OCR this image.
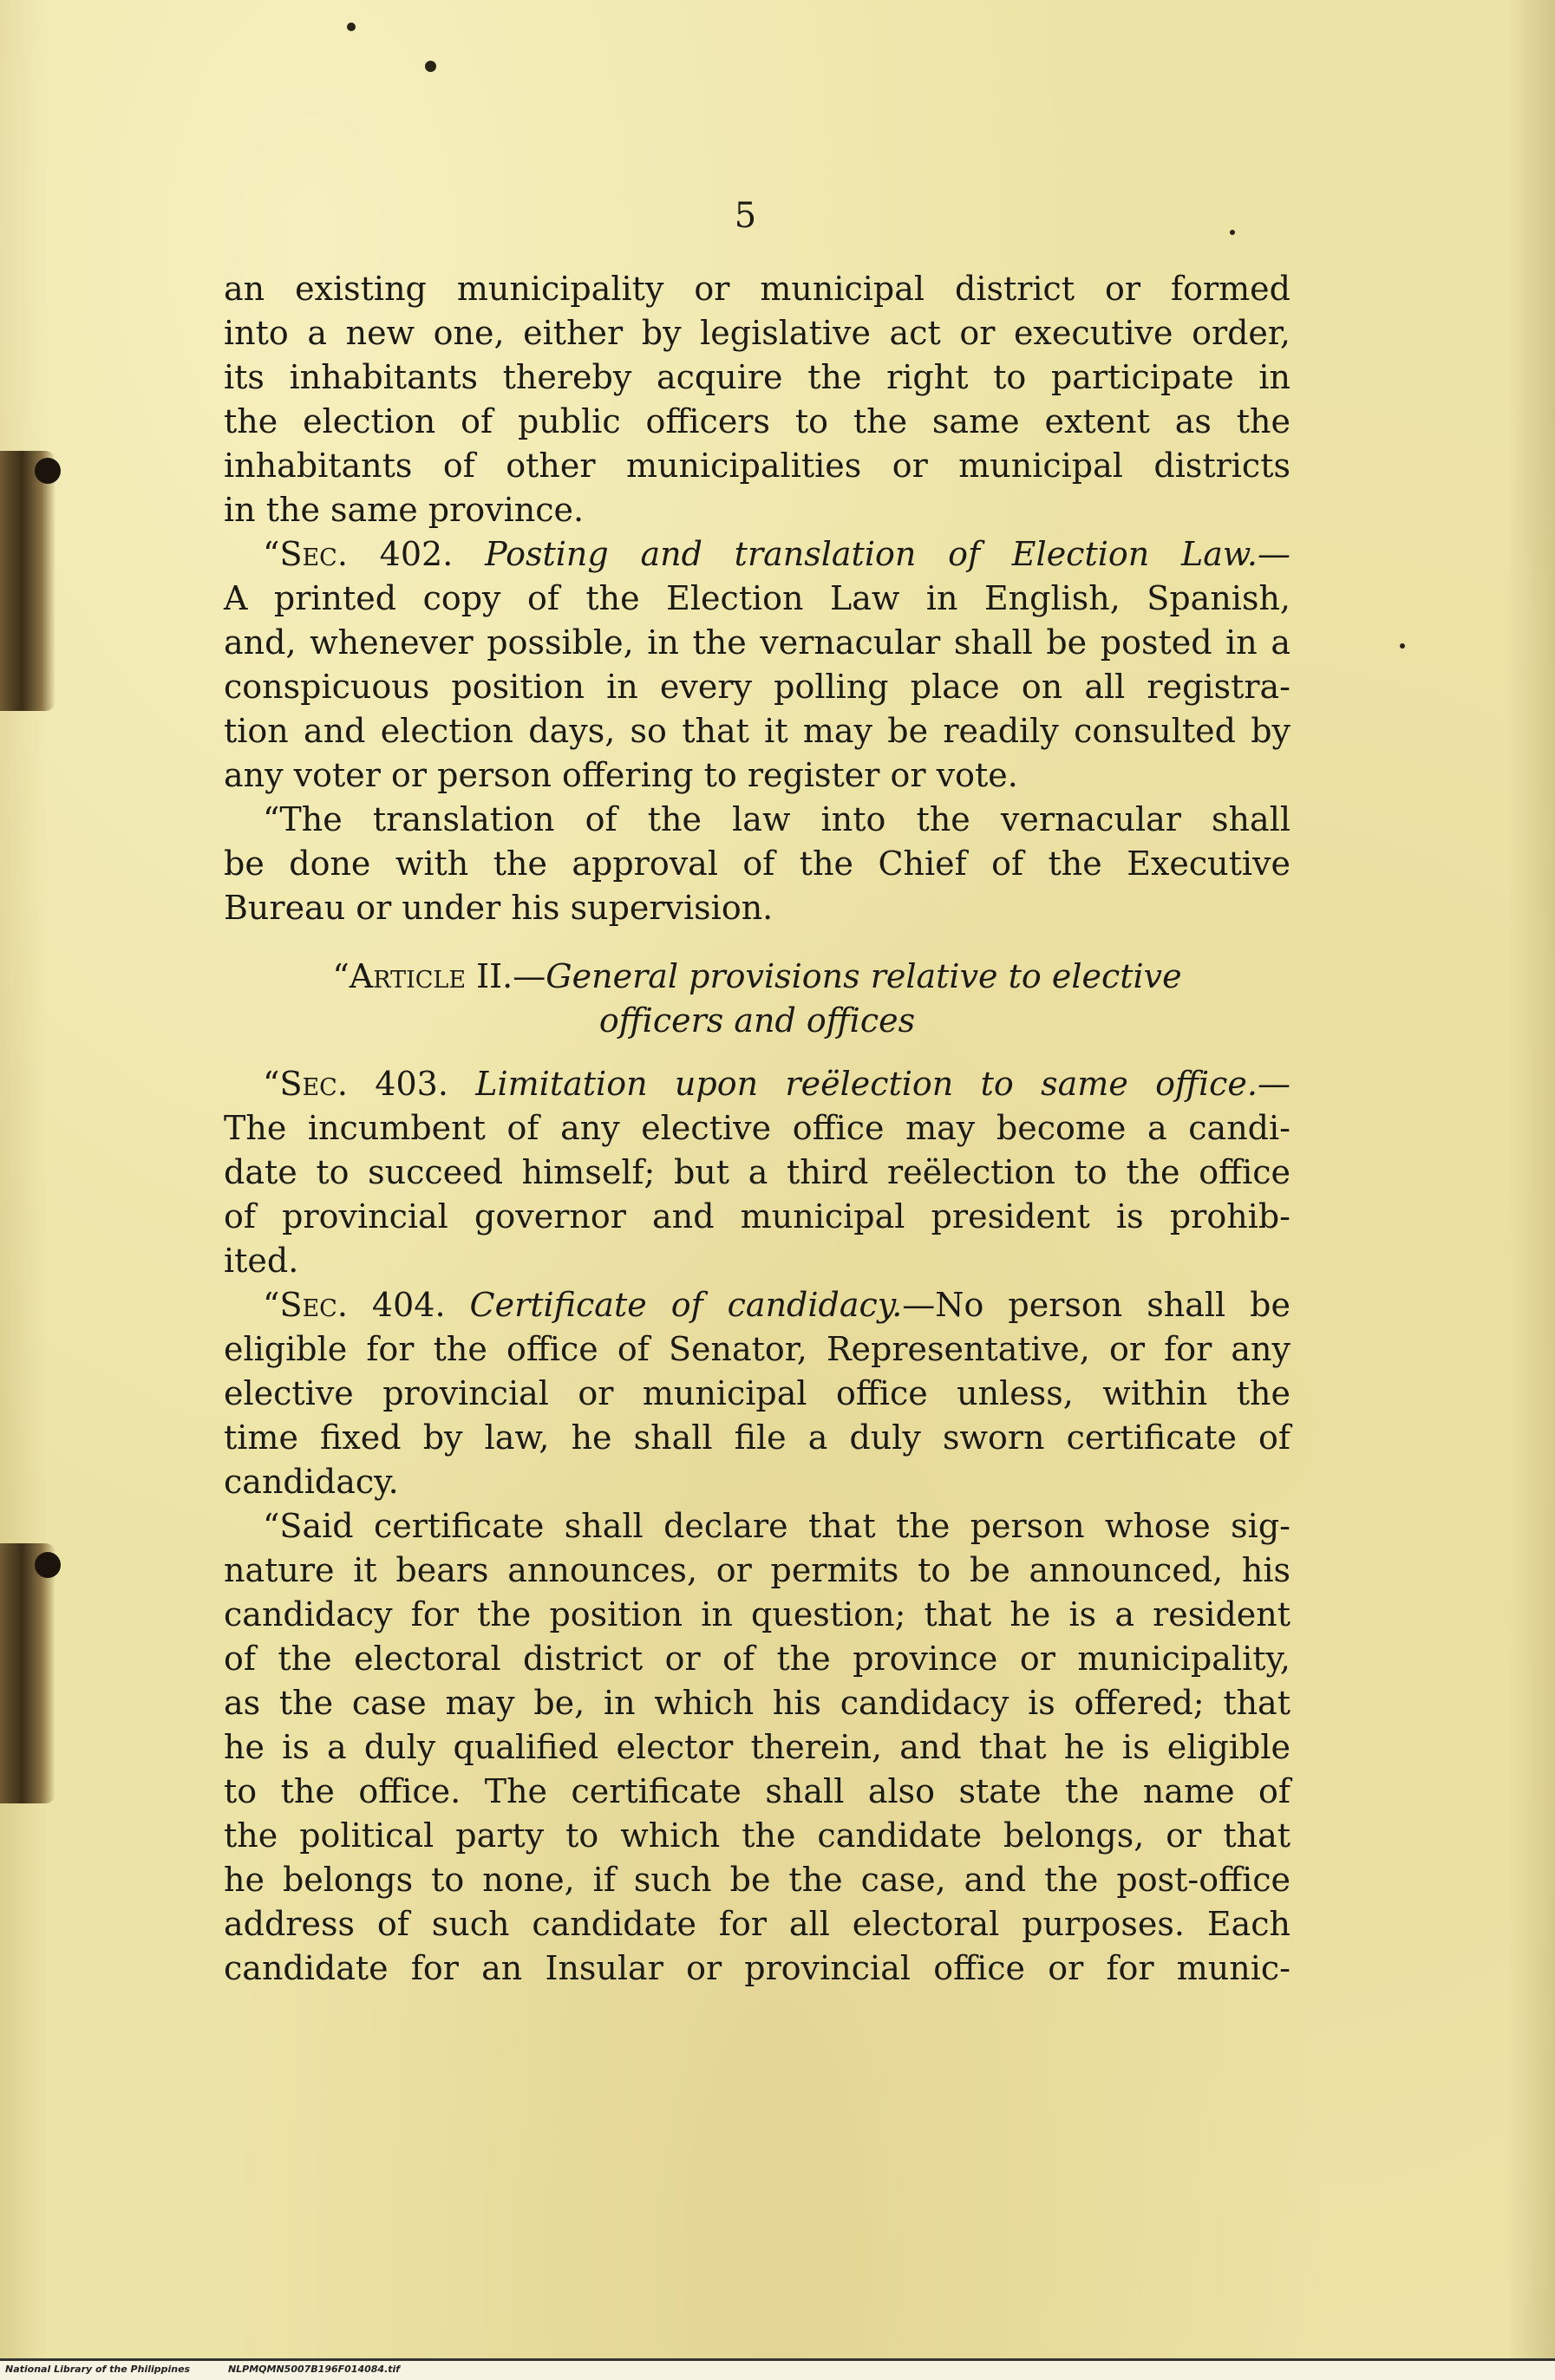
5
an existing municipality or municipal district or formed
into a new one, either by legislative act or executive order,
its inhabitants thereby acquire the right to participate in
the election of public officers to the same extent as the
inhabitants of other municipalities or municipal districts
in the same province.
“Sec. 402. Posting and translation of Election Law.—
A printed copy of the Election Law in English, Spanish,
and, whenever possible, in the vernacular shall be posted in a
conspicuous position in every polling place on all registra-
tion and election days, so that it may be readily consulted by
any voter or person offering to register or vote.
“The translation of the law into the vernacular shall
be done with the approval of the Chief of the Executive
Bureau or under his supervision.
“Article II.—General provisions relative to elective
officers and offices
“Sec. 403. Limitation upon reëlection to same office.—
The incumbent of any elective office may become a candi-
date to succeed himself; but a third reëlection to the office
of provincial governor and municipal president is prohib-
ited.
“Sec. 404. Certificate of candidacy.—No person shall be
eligible for the office of Senator, Representative, or for any
elective provincial or municipal office unless, within the
time fixed by law, he shall file a duly sworn certificate of
candidacy.
“Said certificate shall declare that the person whose sig-
nature it bears announces, or permits to be announced, his
candidacy for the position in question; that he is a resident
of the electoral district or of the province or municipality,
as the case may be, in which his candidacy is offered; that
he is a duly qualified elector therein, and that he is eligible
to the office. The certificate shall also state the name of
the political party to which the candidate belongs, or that
he belongs to none, if such be the case, and the post-office
address of such candidate for all electoral purposes. Each
candidate for an Insular or provincial office or for munic-
National Library of the Philippines	NLPMQMN5007B196F014084.tif
